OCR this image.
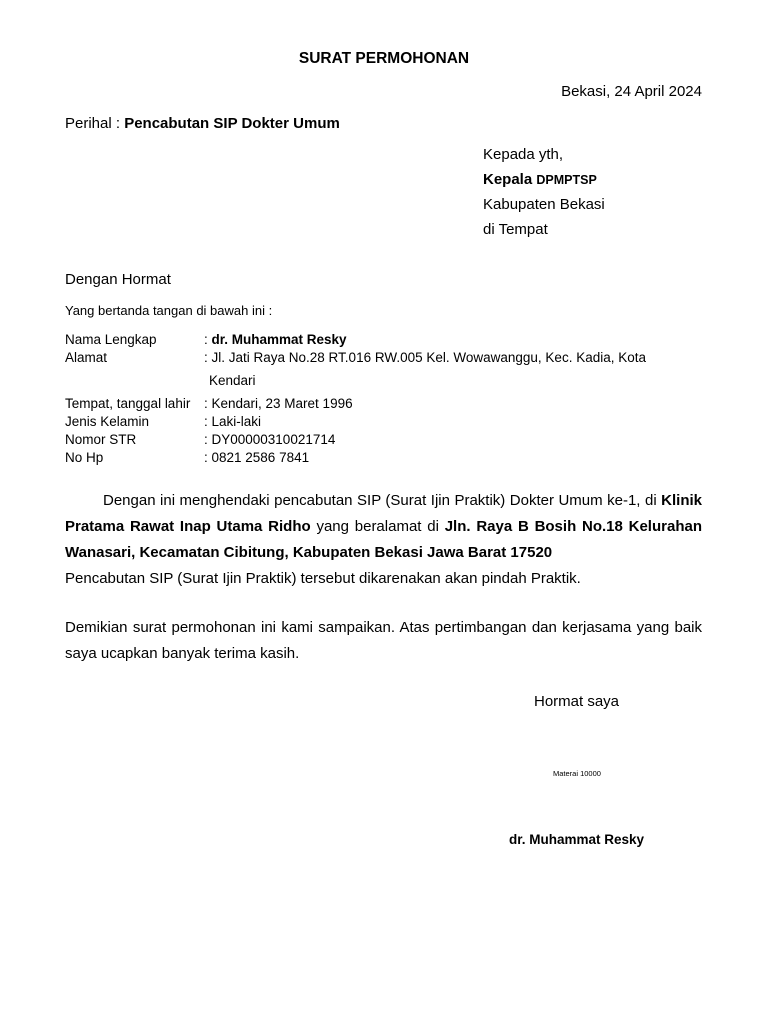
SURAT PERMOHONAN
Bekasi, 24 April 2024
Perihal : Pencabutan SIP Dokter Umum
Kepada yth,
Kepala DPMPTSP
Kabupaten Bekasi
di Tempat
Dengan Hormat
Yang bertanda tangan di bawah ini :
Nama Lengkap	: dr. Muhammat Resky
Alamat	: Jl. Jati Raya No.28 RT.016 RW.005 Kel. Wowawanggu, Kec. Kadia, Kota
Kendari
Tempat, tanggal lahir : Kendari, 23 Maret 1996
Jenis Kelamin	: Laki-laki
Nomor STR	: DY00000310021714
No Hp	: 0821 2586 7841
Dengan ini menghendaki pencabutan SIP (Surat Ijin Praktik) Dokter Umum ke-1, di Klinik Pratama Rawat Inap Utama Ridho yang beralamat di Jln. Raya B Bosih No.18 Kelurahan Wanasari, Kecamatan Cibitung, Kabupaten Bekasi Jawa Barat 17520
Pencabutan SIP (Surat Ijin Praktik) tersebut dikarenakan akan pindah Praktik.
Demikian surat permohonan ini kami sampaikan. Atas pertimbangan dan kerjasama yang baik saya ucapkan banyak terima kasih.
Hormat saya
Materai 10000
dr. Muhammat Resky
